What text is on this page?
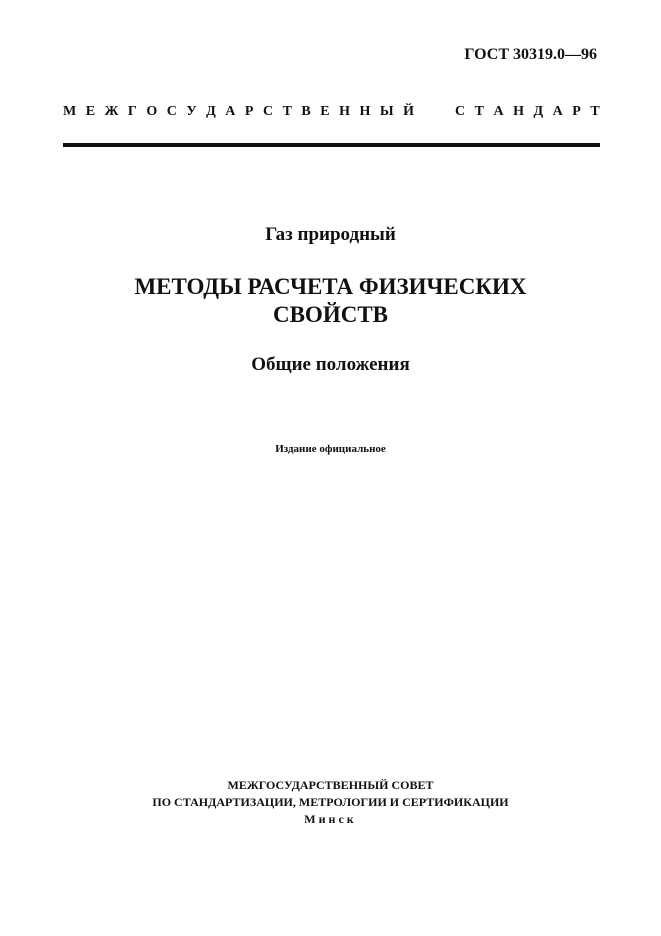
ГОСТ 30319.0—96
М Е Ж Г О С У Д А Р С Т В Е Н Н Ы Й	С Т А Н Д А Р Т
Газ природный
МЕТОДЫ РАСЧЕТА ФИЗИЧЕСКИХ
СВОЙСТВ
Общие положения
Издание официальное
МЕЖГОСУДАРСТВЕННЫЙ СОВЕТ
ПО СТАНДАРТИЗАЦИИ, МЕТРОЛОГИИ И СЕРТИФИКАЦИИ
Минск
